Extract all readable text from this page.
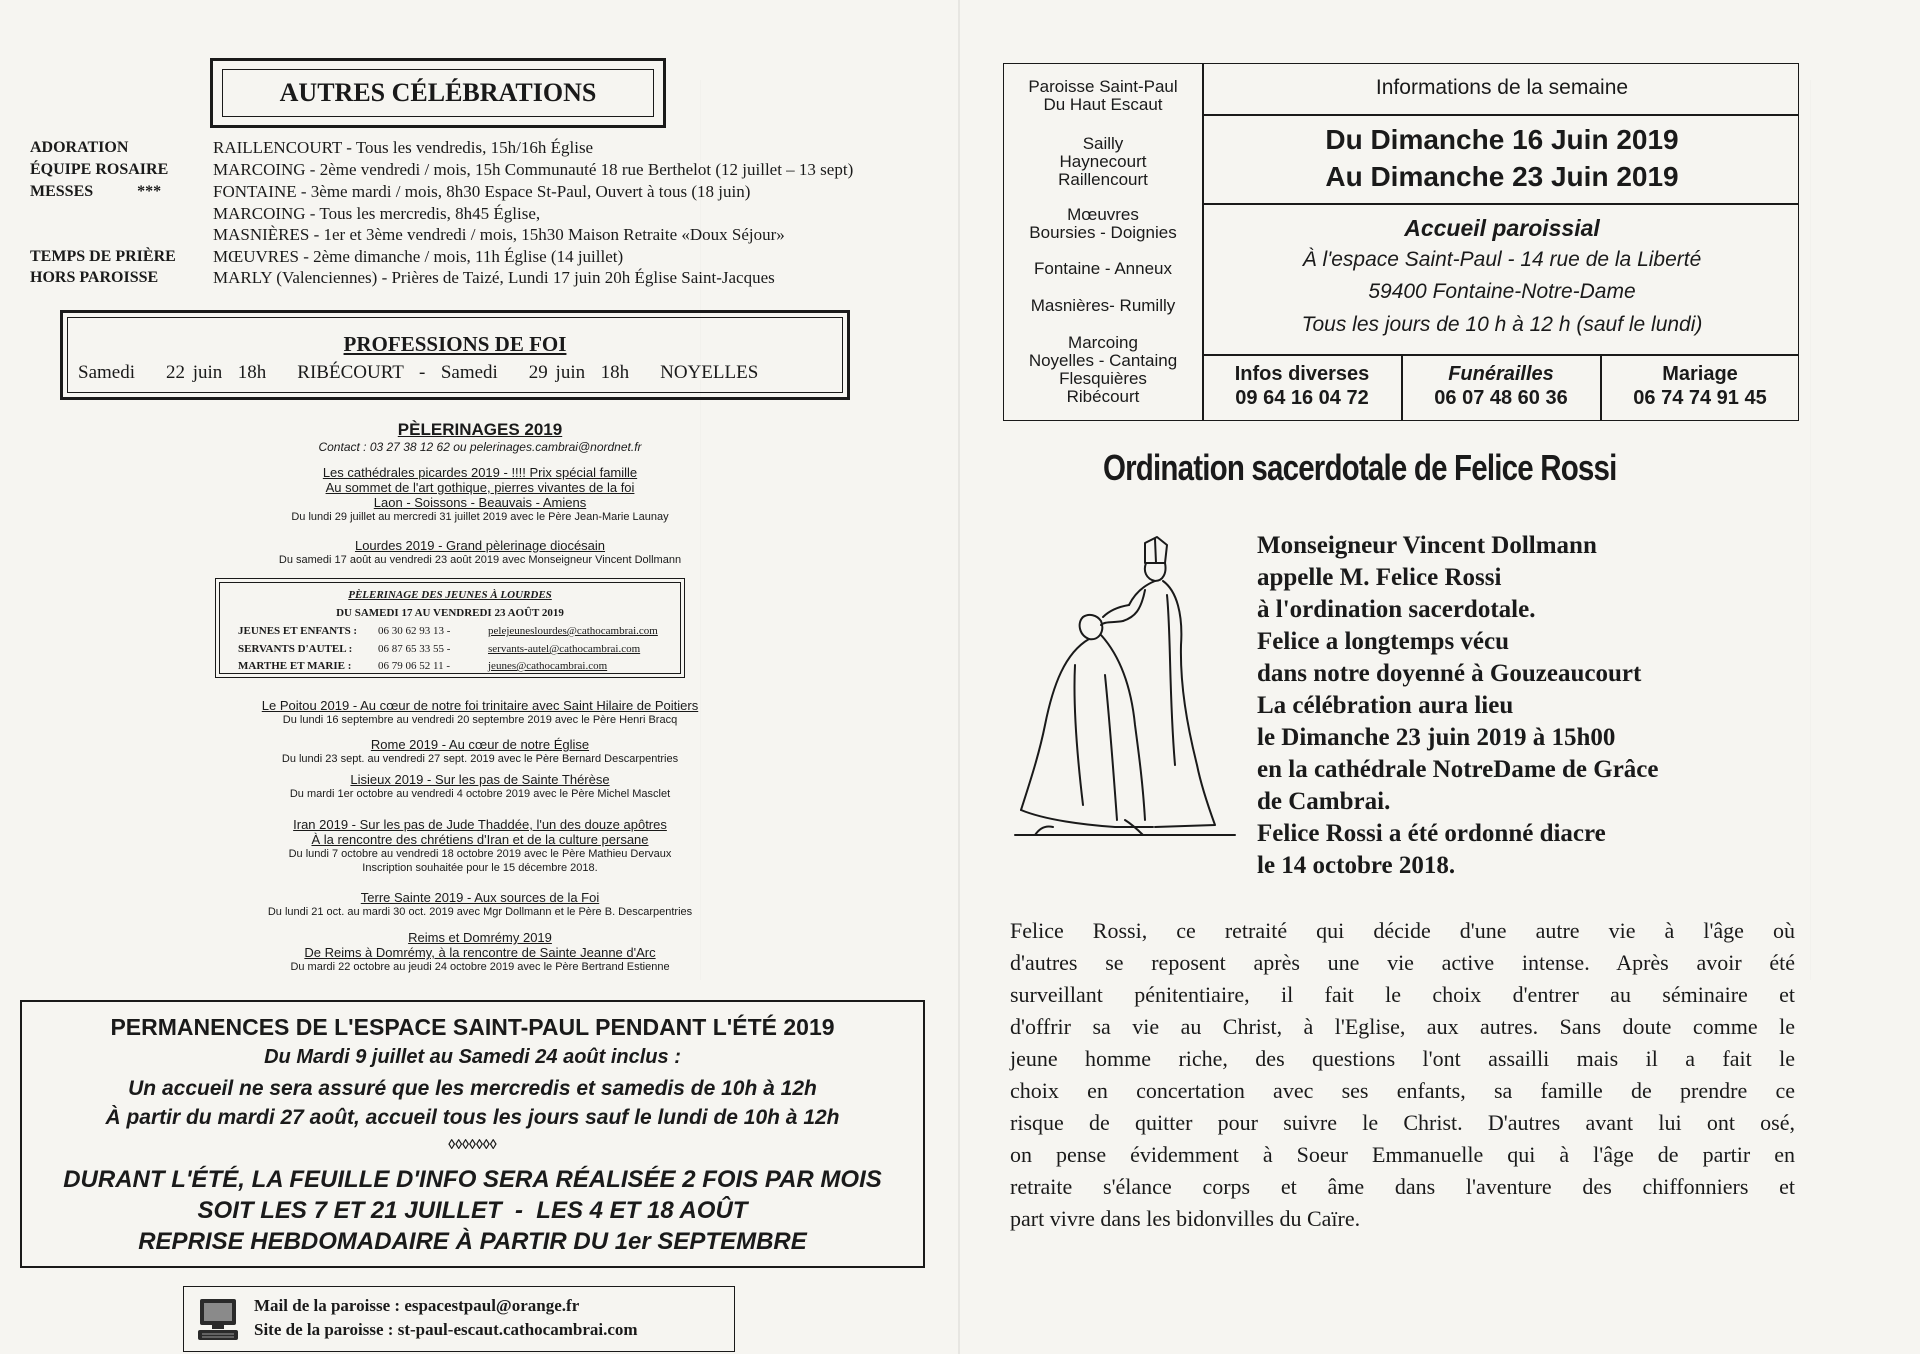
AUTRES CÉLÉBRATIONS
ADORATION	RAILLENCOURT - Tous les vendredis, 15h/16h Église
ÉQUIPE ROSAIRE	MARCOING - 2ème vendredi / mois, 15h Communauté 18 rue Berthelot (12 juillet – 13 sept)
MESSES           ***	FONTAINE - 3ème mardi / mois, 8h30 Espace St-Paul, Ouvert à tous (18 juin)
MARCOING - Tous les mercredis, 8h45 Église,
MASNIÈRES - 1er et 3ème vendredi / mois, 15h30 Maison Retraite «Doux Séjour»
TEMPS DE PRIÈRE	MŒUVRES - 2ème dimanche / mois, 11h Église (14 juillet)
HORS PAROISSE	MARLY (Valenciennes) - Prières de Taizé, Lundi 17 juin 20h Église Saint-Jacques
PROFESSIONS DE FOI
Samedi    22 juin  18h    RIBÉCOURT  -  Samedi    29 juin  18h    NOYELLES
PÈLERINAGES 2019
Contact : 03 27 38 12 62 ou pelerinages.cambrai@nordnet.fr
Les cathédrales picardes 2019 - !!!! Prix spécial famille
Au sommet de l'art gothique, pierres vivantes de la foi
Laon - Soissons - Beauvais - Amiens
Du lundi 29 juillet au mercredi 31 juillet 2019 avec le Père Jean-Marie Launay
Lourdes 2019 - Grand pèlerinage diocésain
Du samedi 17 août au vendredi 23 août 2019 avec Monseigneur Vincent Dollmann
PÈLERINAGE DES JEUNES À LOURDES
DU SAMEDI 17 AU VENDREDI 23 AOÛT 2019
JEUNES ET ENFANTS : 06 30 62 93 13 -	pelejeuneslourdes@cathocambrai.com
SERVANTS D'AUTEL : 06 87 65 33 55 -	servants-autel@cathocambrai.com
MARTHE ET MARIE : 06 79 06 52 11 -	jeunes@cathocambrai.com
Le Poitou 2019 - Au cœur de notre foi trinitaire avec Saint Hilaire de Poitiers
Du lundi 16 septembre au vendredi 20 septembre 2019 avec le Père Henri Bracq
Rome 2019 - Au cœur de notre Église
Du lundi 23 sept. au vendredi 27 sept. 2019 avec le Père Bernard Descarpentries
Lisieux 2019 - Sur les pas de Sainte Thérèse
Du mardi 1er octobre au vendredi 4 octobre 2019 avec le Père Michel Masclet
Iran 2019 - Sur les pas de Jude Thaddée, l'un des douze apôtres
À la rencontre des chrétiens d'Iran et de la culture persane
Du lundi 7 octobre au vendredi 18 octobre 2019 avec le Père Mathieu Dervaux
Inscription souhaitée pour le 15 décembre 2018.
Terre Sainte 2019 - Aux sources de la Foi
Du lundi 21 oct. au mardi 30 oct. 2019 avec Mgr Dollmann et le Père B. Descarpentries
Reims et Domrémy 2019
De Reims à Domrémy, à la rencontre de Sainte Jeanne d'Arc
Du mardi 22 octobre au jeudi 24 octobre 2019 avec le Père Bertrand Estienne
PERMANENCES DE L'ESPACE SAINT-PAUL PENDANT L'ÉTÉ 2019
Du Mardi 9 juillet au Samedi 24 août inclus :
Un accueil ne sera assuré que les mercredis et samedis de 10h à 12h
À partir du mardi 27 août, accueil tous les jours sauf le lundi de 10h à 12h
◊◊◊◊◊◊◊
DURANT L'ÉTÉ, LA FEUILLE D'INFO SERA RÉALISÉE 2 FOIS PAR MOIS
SOIT LES 7 ET 21 JUILLET  -  LES 4 ET 18 AOÛT
REPRISE HEBDOMADAIRE À PARTIR DU 1er SEPTEMBRE
Mail de la paroisse : espacestpaul@orange.fr
Site de la paroisse : st-paul-escaut.cathocambrai.com
Paroisse Saint-Paul
Du Haut Escaut
Sailly
Haynecourt
Raillencourt
Mœuvres
Boursies - Doignies
Fontaine - Anneux
Masnières- Rumilly
Marcoing
Noyelles - Cantaing
Flesquières
Ribécourt
Informations de la semaine
Du Dimanche 16 Juin 2019
Au Dimanche 23 Juin 2019
Accueil paroissial
À l'espace Saint-Paul - 14 rue de la Liberté
59400 Fontaine-Notre-Dame
Tous les jours de 10 h à 12 h (sauf le lundi)
Infos diverses
09 64 16 04 72
Funérailles
06 07 48 60 36
Mariage
06 74 74 91 45
Ordination sacerdotale de Felice Rossi
Monseigneur Vincent Dollmann
appelle M. Felice Rossi
à l'ordination sacerdotale.
Felice a longtemps vécu
dans notre doyenné à Gouzeaucourt
La célébration aura lieu
le Dimanche 23 juin 2019 à 15h00
en la cathédrale NotreDame de Grâce
de Cambrai.
Felice Rossi a été ordonné diacre
le 14 octobre 2018.
Felice Rossi, ce retraité qui décide d'une autre vie à l'âge où
d'autres se reposent après une vie active intense. Après avoir été
surveillant pénitentiaire, il fait le choix d'entrer au séminaire et
d'offrir sa vie au Christ, à l'Eglise, aux autres. Sans doute comme le
jeune homme riche, des questions l'ont assailli mais il a fait le
choix en concertation avec ses enfants, sa famille de prendre ce
risque de quitter pour suivre le Christ. D'autres avant lui ont osé,
on pense évidemment à Soeur Emmanuelle qui à l'âge de partir en
retraite s'élance corps et âme dans l'aventure des chiffonniers et
part vivre dans les bidonvilles du Caïre.
